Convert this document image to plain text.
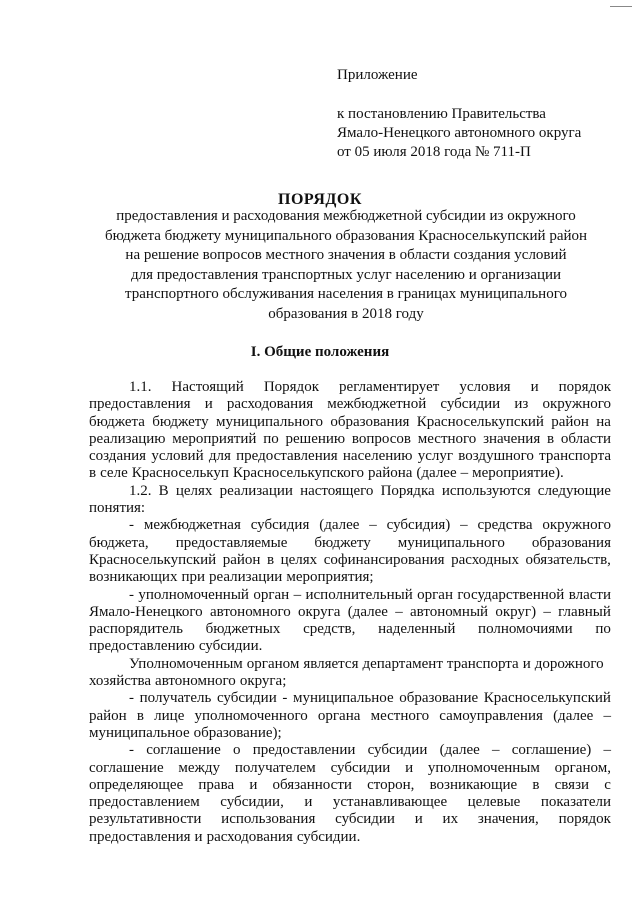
Приложение
к постановлению Правительства
Ямало-Ненецкого автономного округа
от 05 июля 2018 года № 711-П
ПОРЯДОК
предоставления и расходования межбюджетной субсидии из окружного
бюджета бюджету муниципального образования Красноселькупский район
на решение вопросов местного значения в области создания условий
для предоставления транспортных услуг населению и организации
транспортного обслуживания населения в границах муниципального
образования в 2018 году
I. Общие положения
1.1. Настоящий Порядок регламентирует условия и порядок
предоставления и расходования межбюджетной субсидии из окружного
бюджета бюджету муниципального образования Красноселькупский район на
реализацию мероприятий по решению вопросов местного значения в области
создания условий для предоставления населению услуг воздушного транспорта
в селе Красноселькуп Красноселькупского района (далее – мероприятие).
1.2. В целях реализации настоящего Порядка используются следующие
понятия:
- межбюджетная субсидия (далее – субсидия) – средства окружного
бюджета, предоставляемые бюджету муниципального образования
Красноселькупский район в целях софинансирования расходных обязательств,
возникающих при реализации мероприятия;
- уполномоченный орган – исполнительный орган государственной власти
Ямало-Ненецкого автономного округа (далее – автономный округ) – главный
распорядитель бюджетных средств, наделенный полномочиями по
предоставлению субсидии.
Уполномоченным органом является департамент транспорта и дорожного
хозяйства автономного округа;
- получатель субсидии - муниципальное образование Красноселькупский
район в лице уполномоченного органа местного самоуправления (далее –
муниципальное образование);
- соглашение о предоставлении субсидии (далее – соглашение) –
соглашение между получателем субсидии и уполномоченным органом,
определяющее права и обязанности сторон, возникающие в связи с
предоставлением субсидии, и устанавливающее целевые показатели
результативности использования субсидии и их значения, порядок
предоставления и расходования субсидии.
